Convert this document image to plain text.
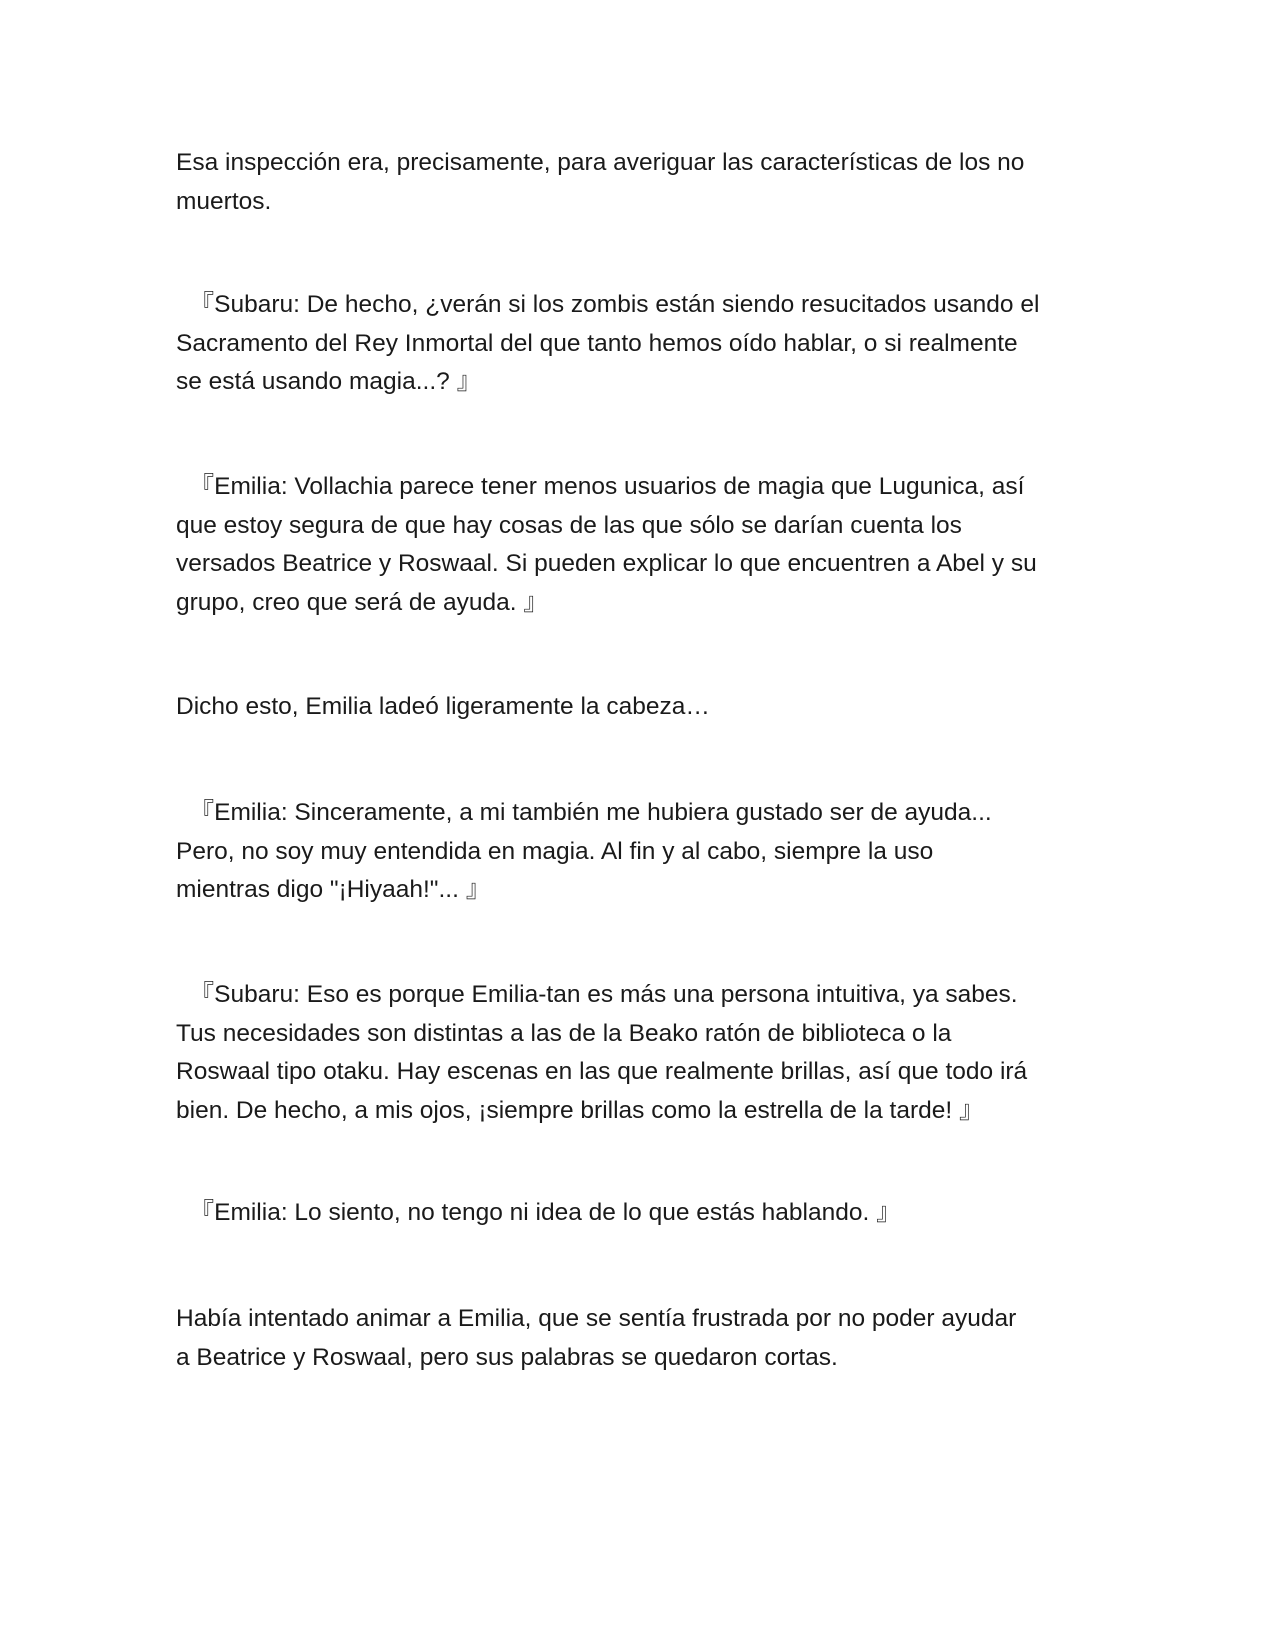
Esa inspección era, precisamente, para averiguar las características de los no
muertos.
『Subaru: De hecho, ¿verán si los zombis están siendo resucitados usando el
Sacramento del Rey Inmortal del que tanto hemos oído hablar, o si realmente
se está usando magia...? 』
『Emilia: Vollachia parece tener menos usuarios de magia que Lugunica, así
que estoy segura de que hay cosas de las que sólo se darían cuenta los
versados Beatrice y Roswaal. Si pueden explicar lo que encuentren a Abel y su
grupo, creo que será de ayuda. 』
Dicho esto, Emilia ladeó ligeramente la cabeza…
『Emilia: Sinceramente, a mi también me hubiera gustado ser de ayuda...
Pero, no soy muy entendida en magia. Al fin y al cabo, siempre la uso
mientras digo "¡Hiyaah!"... 』
『Subaru: Eso es porque Emilia-tan es más una persona intuitiva, ya sabes.
Tus necesidades son distintas a las de la Beako ratón de biblioteca o la
Roswaal tipo otaku. Hay escenas en las que realmente brillas, así que todo irá
bien. De hecho, a mis ojos, ¡siempre brillas como la estrella de la tarde! 』
『Emilia: Lo siento, no tengo ni idea de lo que estás hablando. 』
Había intentado animar a Emilia, que se sentía frustrada por no poder ayudar
a Beatrice y Roswaal, pero sus palabras se quedaron cortas.
